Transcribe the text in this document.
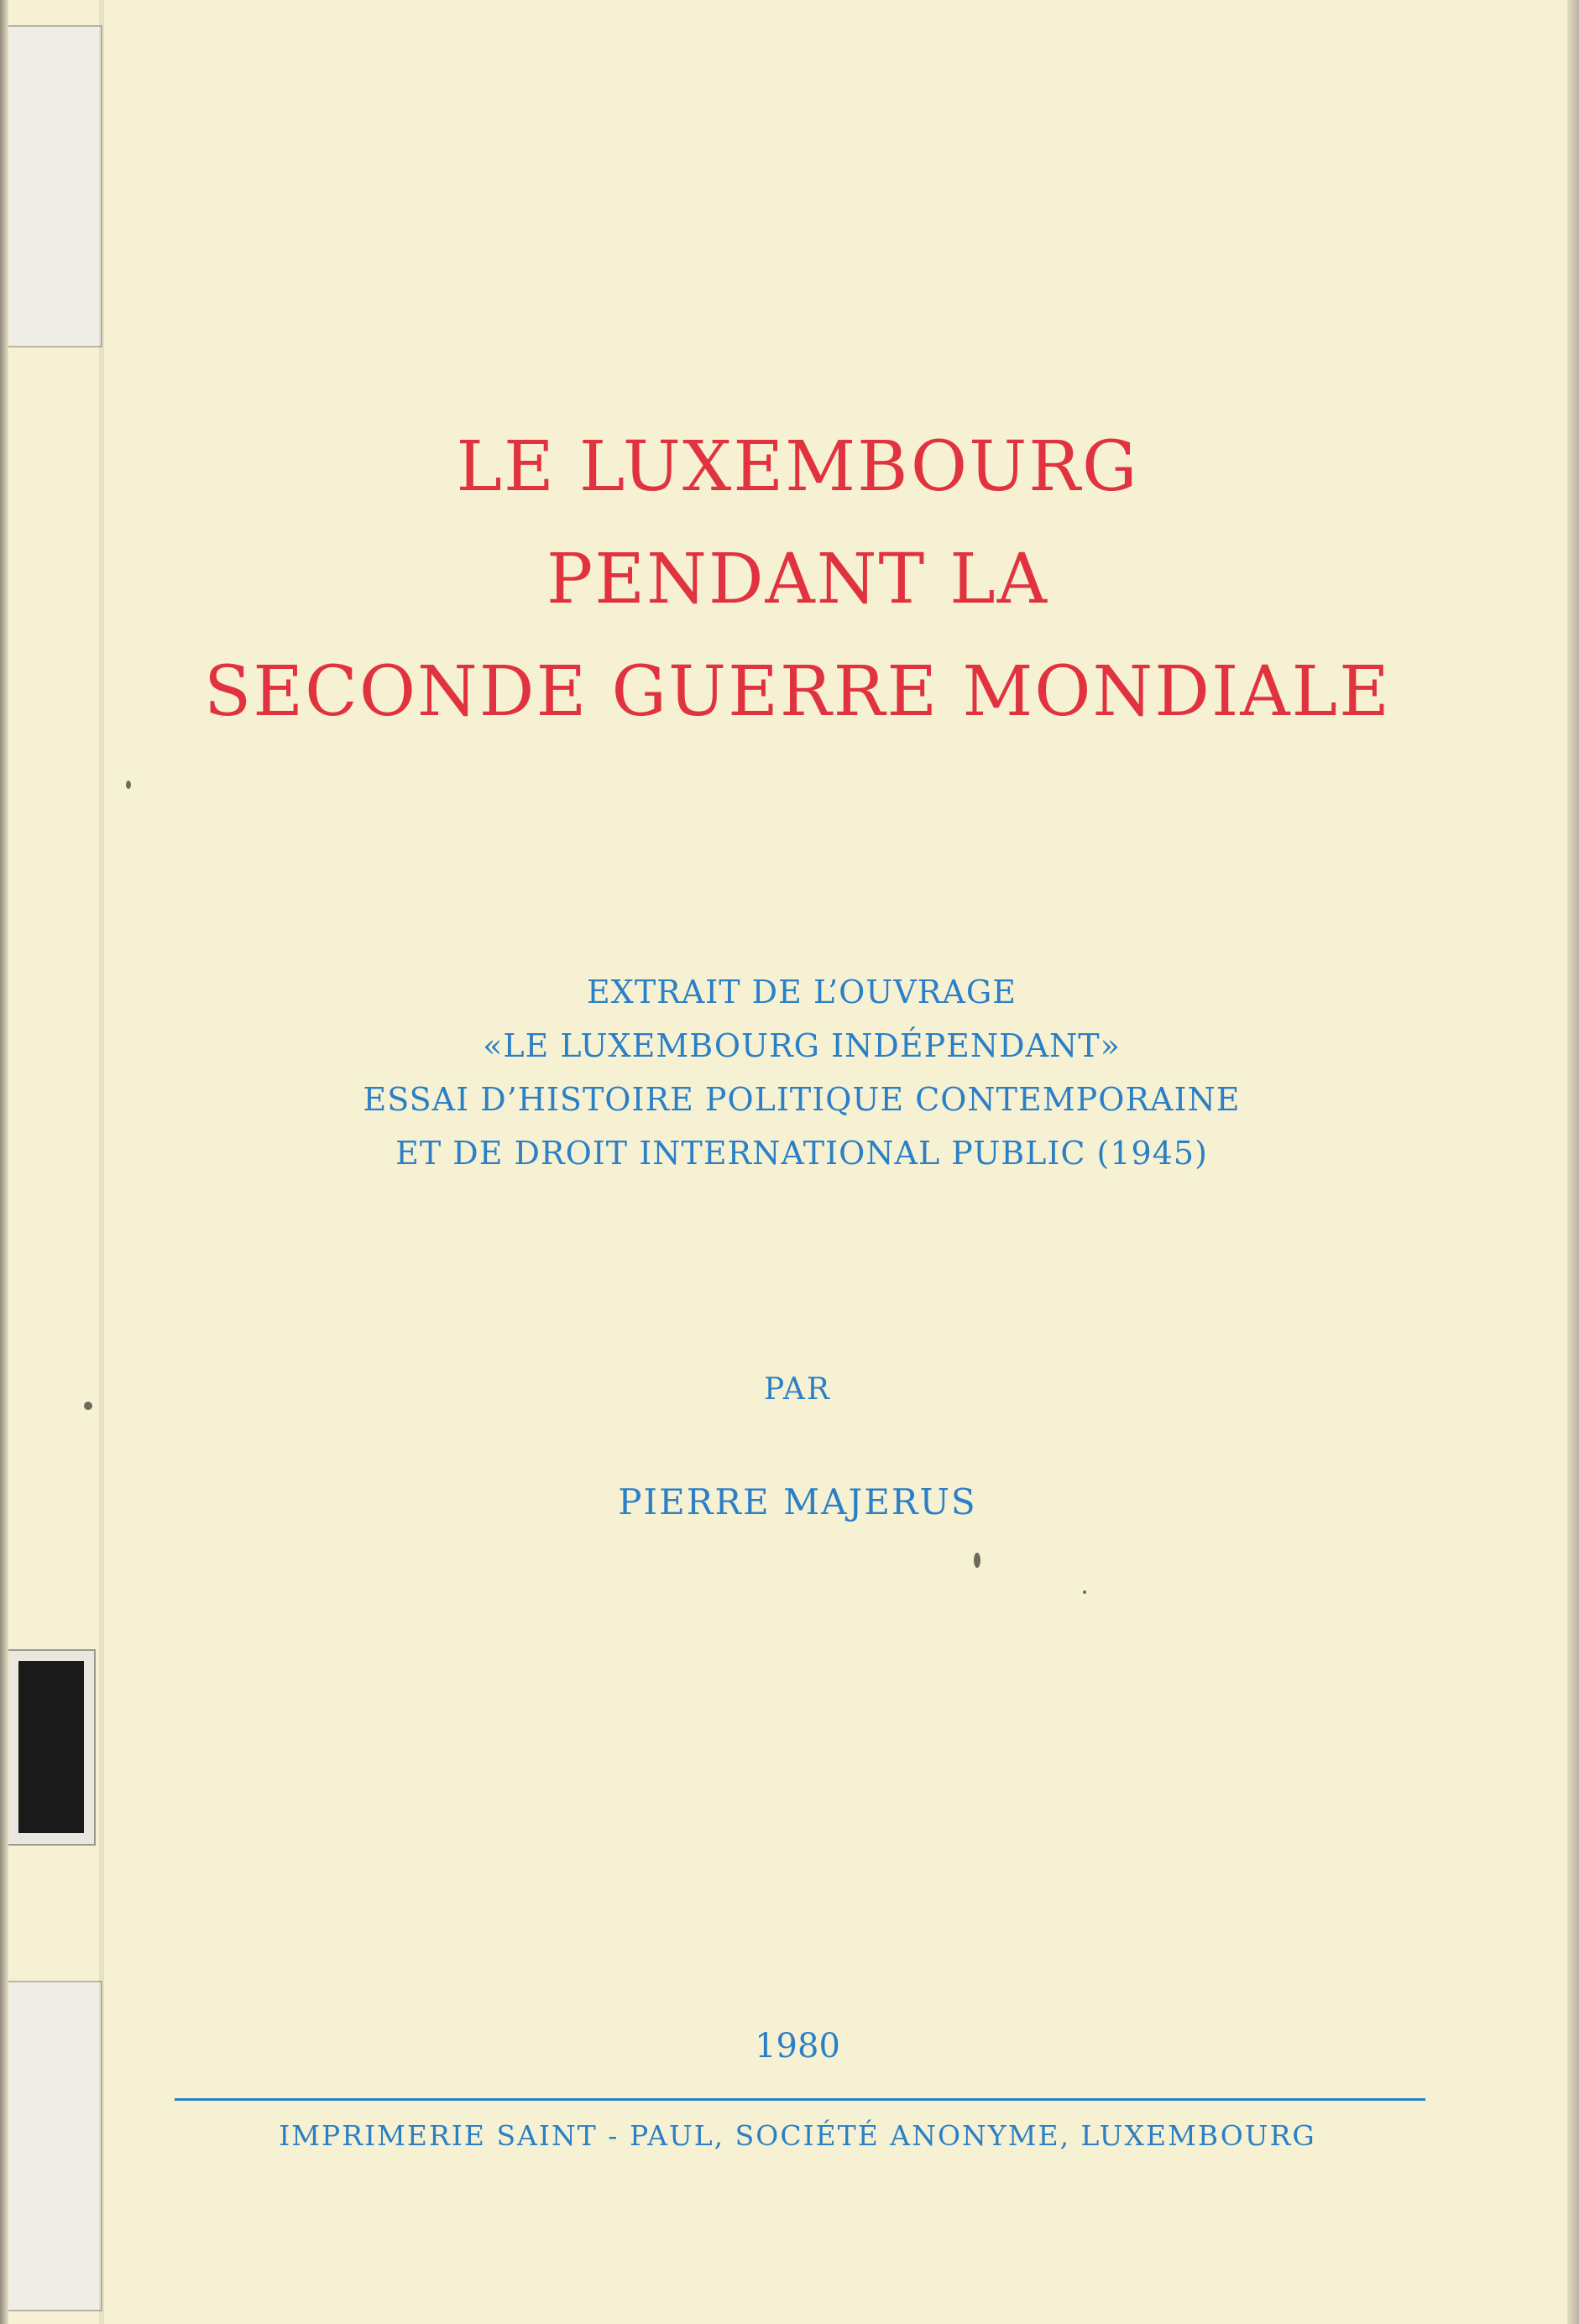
LE LUXEMBOURG
PENDANT LA
SECONDE GUERRE MONDIALE
EXTRAIT DE L’OUVRAGE
«LE LUXEMBOURG INDÉPENDANT»
ESSAI D’HISTOIRE POLITIQUE CONTEMPORAINE
ET DE DROIT INTERNATIONAL PUBLIC (1945)
PAR
PIERRE MAJERUS
1980
IMPRIMERIE SAINT - PAUL, SOCIÉTÉ ANONYME, LUXEMBOURG
